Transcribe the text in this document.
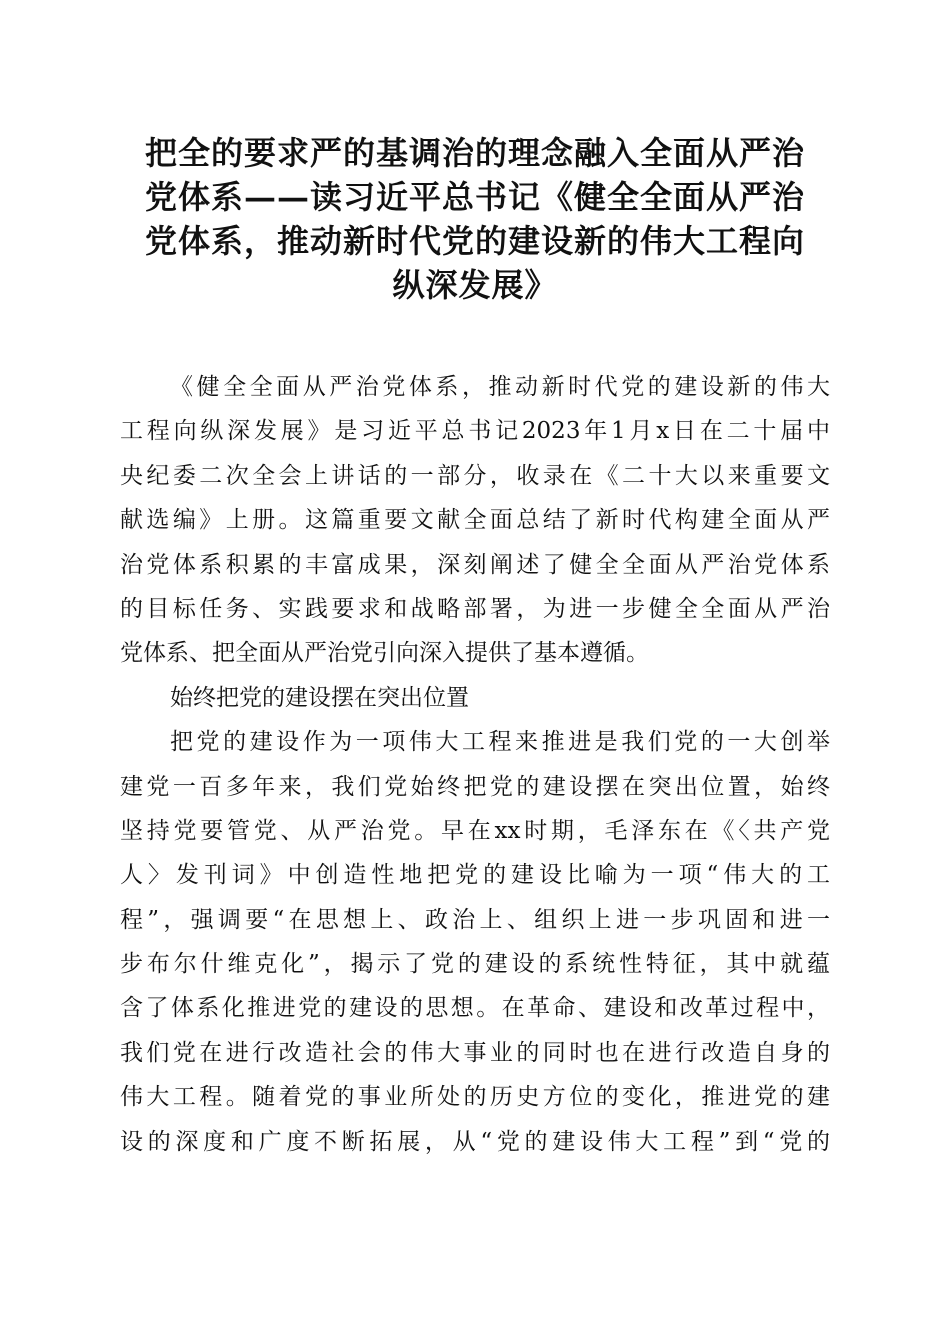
把全的要求严的基调治的理念融入全面从严治
党体系——读习近平总书记《健全全面从严治
党体系，推动新时代党的建设新的伟大工程向
纵深发展》
《健全全面从严治党体系，推动新时代党的建设新的伟大
工程向纵深发展》是习近平总书记2023年1月x日在二十届中
央纪委二次全会上讲话的一部分，收录在《二十大以来重要文
献选编》上册。这篇重要文献全面总结了新时代构建全面从严
治党体系积累的丰富成果，深刻阐述了健全全面从严治党体系
的目标任务、实践要求和战略部署，为进一步健全全面从严治
党体系、把全面从严治党引向深入提供了基本遵循。
始终把党的建设摆在突出位置
把党的建设作为一项伟大工程来推进是我们党的一大创举
建党一百多年来，我们党始终把党的建设摆在突出位置，始终
坚持党要管党、从严治党。早在xx时期，毛泽东在《〈共产党
人〉发刊词》中创造性地把党的建设比喻为一项“伟大的工
程”，强调要“在思想上、政治上、组织上进一步巩固和进一
步布尔什维克化”，揭示了党的建设的系统性特征，其中就蕴
含了体系化推进党的建设的思想。在革命、建设和改革过程中，
我们党在进行改造社会的伟大事业的同时也在进行改造自身的
伟大工程。随着党的事业所处的历史方位的变化，推进党的建
设的深度和广度不断拓展，从“党的建设伟大工程”到“党的
